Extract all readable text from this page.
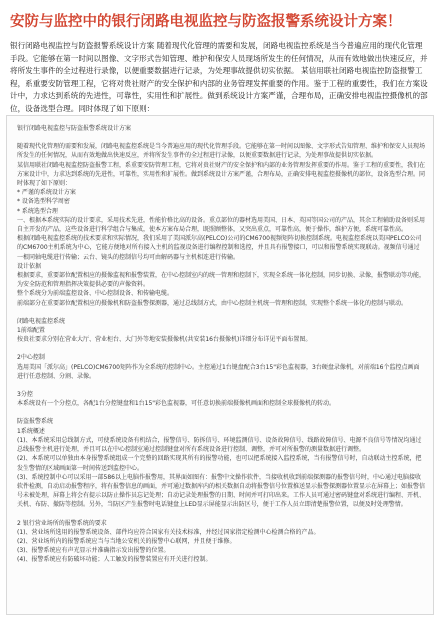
安防与监控中的银行闭路电视监控与防盗报警系统设计方案！
银行闭路电视监控与防盗报警系统设计方案 随着现代化管理的需要和发展，闭路电视监控系统是当今普遍应用的现代化管理手段。它能够在第一时间以图像、文字形式告知管理、维护和保安人员现场所发生的任何情况，从而有效地做出快速反应，并将所发生事件的全过程进行录像，以便重要数据进行记录，为处理事故提供切实依据。 某信用联社闭路电视监控防盗报警工程，系重要安防管理工程，它将对贵社财产的安全保护和内部的业务管理发挥重要的作用。鉴于工程的重要性，我们在方案设计中，力求达到系统的先进性，可靠性，实用性和扩展性。做到系统设计方案严谨，合理布局，正确安排电视监控摄像机的部位，设备选型合理。同时体现了如下原则：

银行闭路电视监控与防盗报警系统设计方案

随着现代化管理的需要和发展，闭路电视监控系统是当今普遍应用的现代化管理手段。它能够在第一时间以图像、文字形式告知管理、维护和保安人员现场所发生的任何情况，从而有效地做出快速反应，并将所发生事件的全过程进行录像，以便重要数据进行记录，为处理事故提供切实依据。

某信用联社闭路电视监控防盗报警工程，系重要安防管理工程，它将对贵社财产的安全保护和内部的业务管理发挥重要的作用。鉴于工程的重要性，我们在方案设计中，力求达到系统的先进性，可靠性，实用性和扩展性。做到系统设计方案严谨，合理布局，正确安排电视监控摄像机的部位，设备选型合理。同时体现了如下原则：

* 严谨的系统设计方案

* 设备选型科学周密

* 系统选型合理

一、根据本系统实际的设计要求，采用技术先进，性能价格比高的设备。重点部位的器材选用美国、日本、英国等国公司的产品，其余工程辅助设备则采用自主开发的产品，这些设备进行科学组合与集成，使本方案布局合理，既照顾整体，又突出重点，可靠性高，便于操作，维护方便，系统可靠性高。

根据闭路电视监控系统的技术要求和实际情况，我们采用了美国派尔高(PELCO)公司的CM6700视频矩阵切换控制系统。电视监控系统以美国PELCO公司的CM6700主机系统为中心，它能方便地对所有接入主机的监视设备进行编程控制和选控，并且具有报警接口，可以和报警系统实现联动。视频信号通过一根同轴电缆进行传输；云台、镜头的控制信号均可由解码器与主机相连进行传输。

设计依据

根据要求，重要部位配置相应的摄像监视和报警装置，在中心控制室内的统一管理和控制下，实现全系统一体化控制，同步切换、录像，报警联动等功能，为安全防范和管理指挥决策提供必要的声像资料。

整个系统分为前端监控设备、中心控制设备、和传输电缆。

前端部分在重要部位配置相应的摄像机和防盗报警探测器，通过总线制方式，由中心控制主机统一管理和控制，实现整个系统一体化的控制与联动。

闭路电视监控系统

1前端配置

按贵社要求分别在营业大厅、营业柜台、大门外等地安装摄像机(共安装16台摄像机)详细分布详见平面布置图。

2中心控制

选用美国「派尔高」(PELCO)CM6700矩阵作为全系统的控制中心。主控通过1台键盘配合3台15"彩色监视器，3台硬盘录像机，对前端16个监控点画面进行任意控制、分割、录像。

3分控

本系统设有一个分控点，各配1台分控键盘和1台15"彩色监视器，可任意切换前端摄像机画面和控制全球摄像机的转动。

防盗报警系统

1系统概述

(1)、本系统采用总线制方式，可使系统设备有机结合，报警信号、防拆信号、环境监测信号、设备故障信号、线路故障信号、电源不良信号等情况均通过总线报警主机进行处理，并且可以在中心控制室通过控制键盘对所有系统设备进行控制、调整，并可对所报警的测量数据进行调整。

(2)、本系统可以单独由本身报警系统组成一个完整的回路实现其所有的报警功能，也可以把系统接入监控系统，当有报警信号时，自动联动主控系统，把发生警情的区域画面第一时间传送到监控中心。

(3)、系统控制中心可以采用一部586以上电脑作报警用，其界面如图有：报警中文操作软件，当接收机收到前端探测器的报警信号时，中心通过电脑接收软件检测，自动启动报警程序，将有报警信息的画面，并可通过数据库内的相关数据自动将报警信号位置推送显示报警探测器位置显示在屏幕上；如报警信号未被处理，屏幕上将会有提示以防止操作员忘记处理；自动记录处理报警的日期、时间并可打印出来。工作人员可通过密码键盘对系统进行编程、开机、关机、布防、撤防等控制。另外，当防区产生报警时电话键盘上LED显示屏能显示出防区号，便于工作人员立即清楚报警位置，以便及时处理警情。

2 银行营业场所的报警系统的要求

(1)、营业场所选用的报警系统设备、部件均应符合国家有关技术标准，并经过国家指定检测中心检测合格的产品。

(2)、营业场所内的报警系统应当与当地公安机关的报警中心联网，并且便于维修。

(3)、报警系统应有声光显示并准确指示发出报警的位置。

(4)、报警系统应有防破坏功能；人工触发的报警装置应有开关进行控制。
